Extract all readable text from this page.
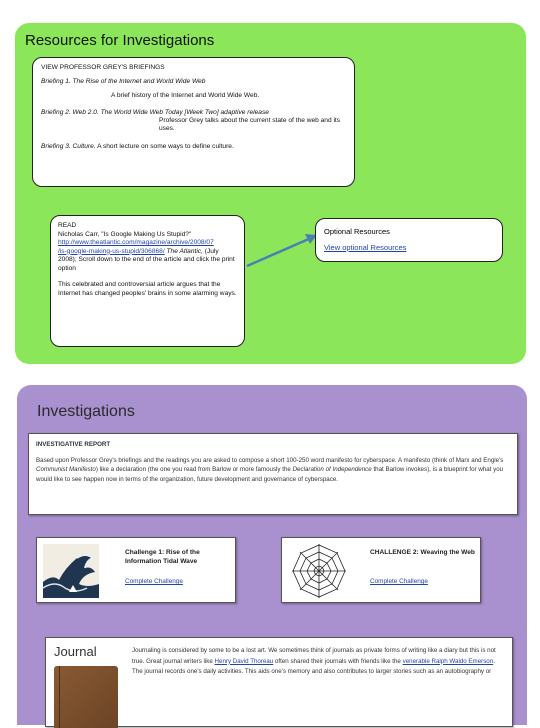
Resources for Investigations

VIEW PROFESSOR GREY'S BRIEFINGS

Briefing 1. The Rise of the Internet and World Wide Web

A brief history of the Internet and World Wide Web.

Briefing 2. Web 2.0. The World Wide Web Today [Week Two] adaptive release

Professor Grey talks about the current state of the web and its uses.

Briefing 3. Culture. A short lecture on some ways to define culture.

READ

Nicholas Carr, "Is Google Making Us Stupid?"

http://www.theatlantic.com/magazine/archive/2008/07
/is-google-making-us-stupid/306868/ The Atlantic, (July 2008); Scroll down to the end of the article and click the print option

This celebrated and controversial article argues that the Internet has changed peoples' brains in some alarming ways.

Optional Resources
View optional Resources
Investigations
INVESTIGATIVE REPORT
Based upon Professor Grey's briefings and the readings you are asked to compose a short 100-250 word manifesto for cyberspace. A manifesto (think of Marx and Engle's Communist Manifesto) like a declaration (the one you read from Barlow or more famously the Declaration of Independence that Barlow invokes), is a blueprint for what you would like to see happen now in terms of the organization, future development and governance of cyberspace.
Challenge 1: Rise of the Information Tidal Wave
Complete Challenge
CHALLENGE 2: Weaving the Web
Complete Challenge
Journal	Journaling is considered by some to be a lost art. We sometimes think of journals as private forms of writing like a diary but this is not true. Great journal writers like Henry David Thoreau often shared their journals with friends like the venerable Ralph Waldo Emerson. The journal records one's daily activities. This aids one's memory and also contributes to larger stories such as an autobiography or
